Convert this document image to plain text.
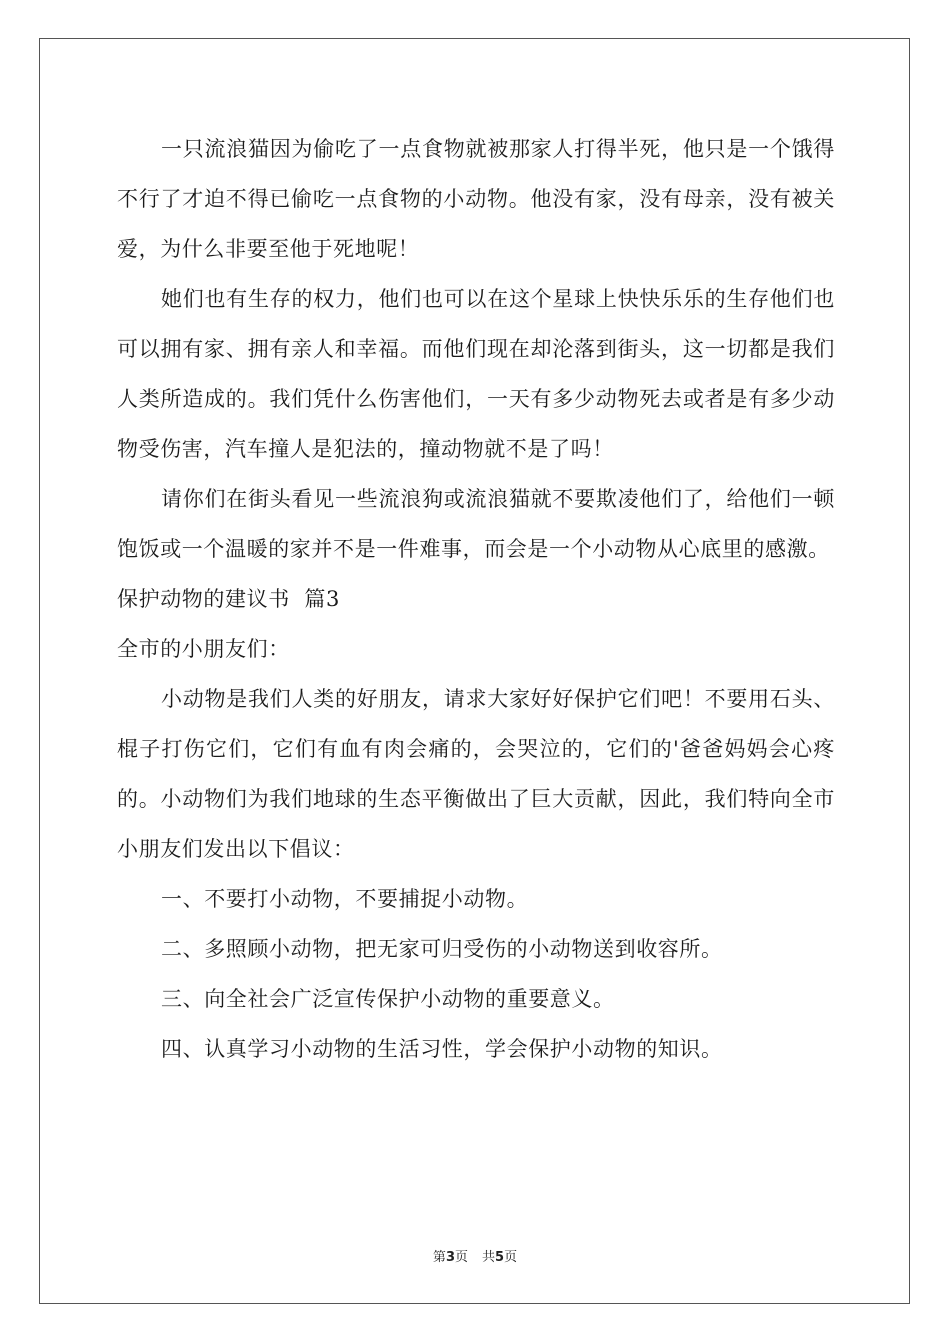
一只流浪猫因为偷吃了一点食物就被那家人打得半死，他只是一个饿得不行了才迫不得已偷吃一点食物的小动物。他没有家，没有母亲，没有被关爱，为什么非要至他于死地呢！

她们也有生存的权力，他们也可以在这个星球上快快乐乐的生存他们也可以拥有家、拥有亲人和幸福。而他们现在却沦落到街头，这一切都是我们人类所造成的。我们凭什么伤害他们，一天有多少动物死去或者是有多少动物受伤害，汽车撞人是犯法的，撞动物就不是了吗！

请你们在街头看见一些流浪狗或流浪猫就不要欺凌他们了，给他们一顿饱饭或一个温暖的家并不是一件难事，而会是一个小动物从心底里的感激。

保护动物的建议书  篇3

全市的小朋友们：

小动物是我们人类的好朋友，请求大家好好保护它们吧！不要用石头、棍子打伤它们，它们有血有肉会痛的，会哭泣的，它们的'爸爸妈妈会心疼的。小动物们为我们地球的生态平衡做出了巨大贡献，因此，我们特向全市小朋友们发出以下倡议：

一、不要打小动物，不要捕捉小动物。

二、多照顾小动物，把无家可归受伤的小动物送到收容所。

三、向全社会广泛宣传保护小动物的重要意义。

四、认真学习小动物的生活习性，学会保护小动物的知识。

第3页 共5页
